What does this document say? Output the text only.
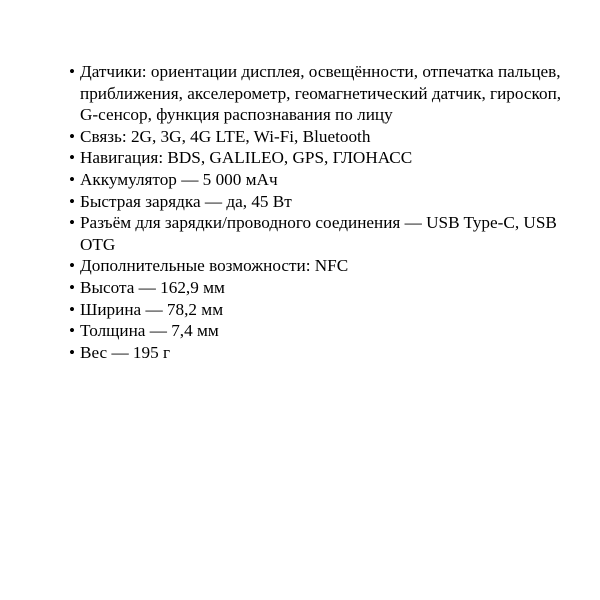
• Датчики: ориентации дисплея, освещённости, отпечатка пальцев, приближения, акселерометр, геомагнетический датчик, гироскоп, G-сенсор, функция распознавания по лицу
• Связь: 2G, 3G, 4G LTE, Wi-Fi, Bluetooth
• Навигация: BDS, GALILEO, GPS, ГЛОНАСС
• Аккумулятор — 5 000 мАч
• Быстрая зарядка — да, 45 Вт
• Разъём для зарядки/проводного соединения — USB Type-C, USB OTG
• Дополнительные возможности: NFC
• Высота — 162,9 мм
• Ширина — 78,2 мм
• Толщина — 7,4 мм
• Вес — 195 г
